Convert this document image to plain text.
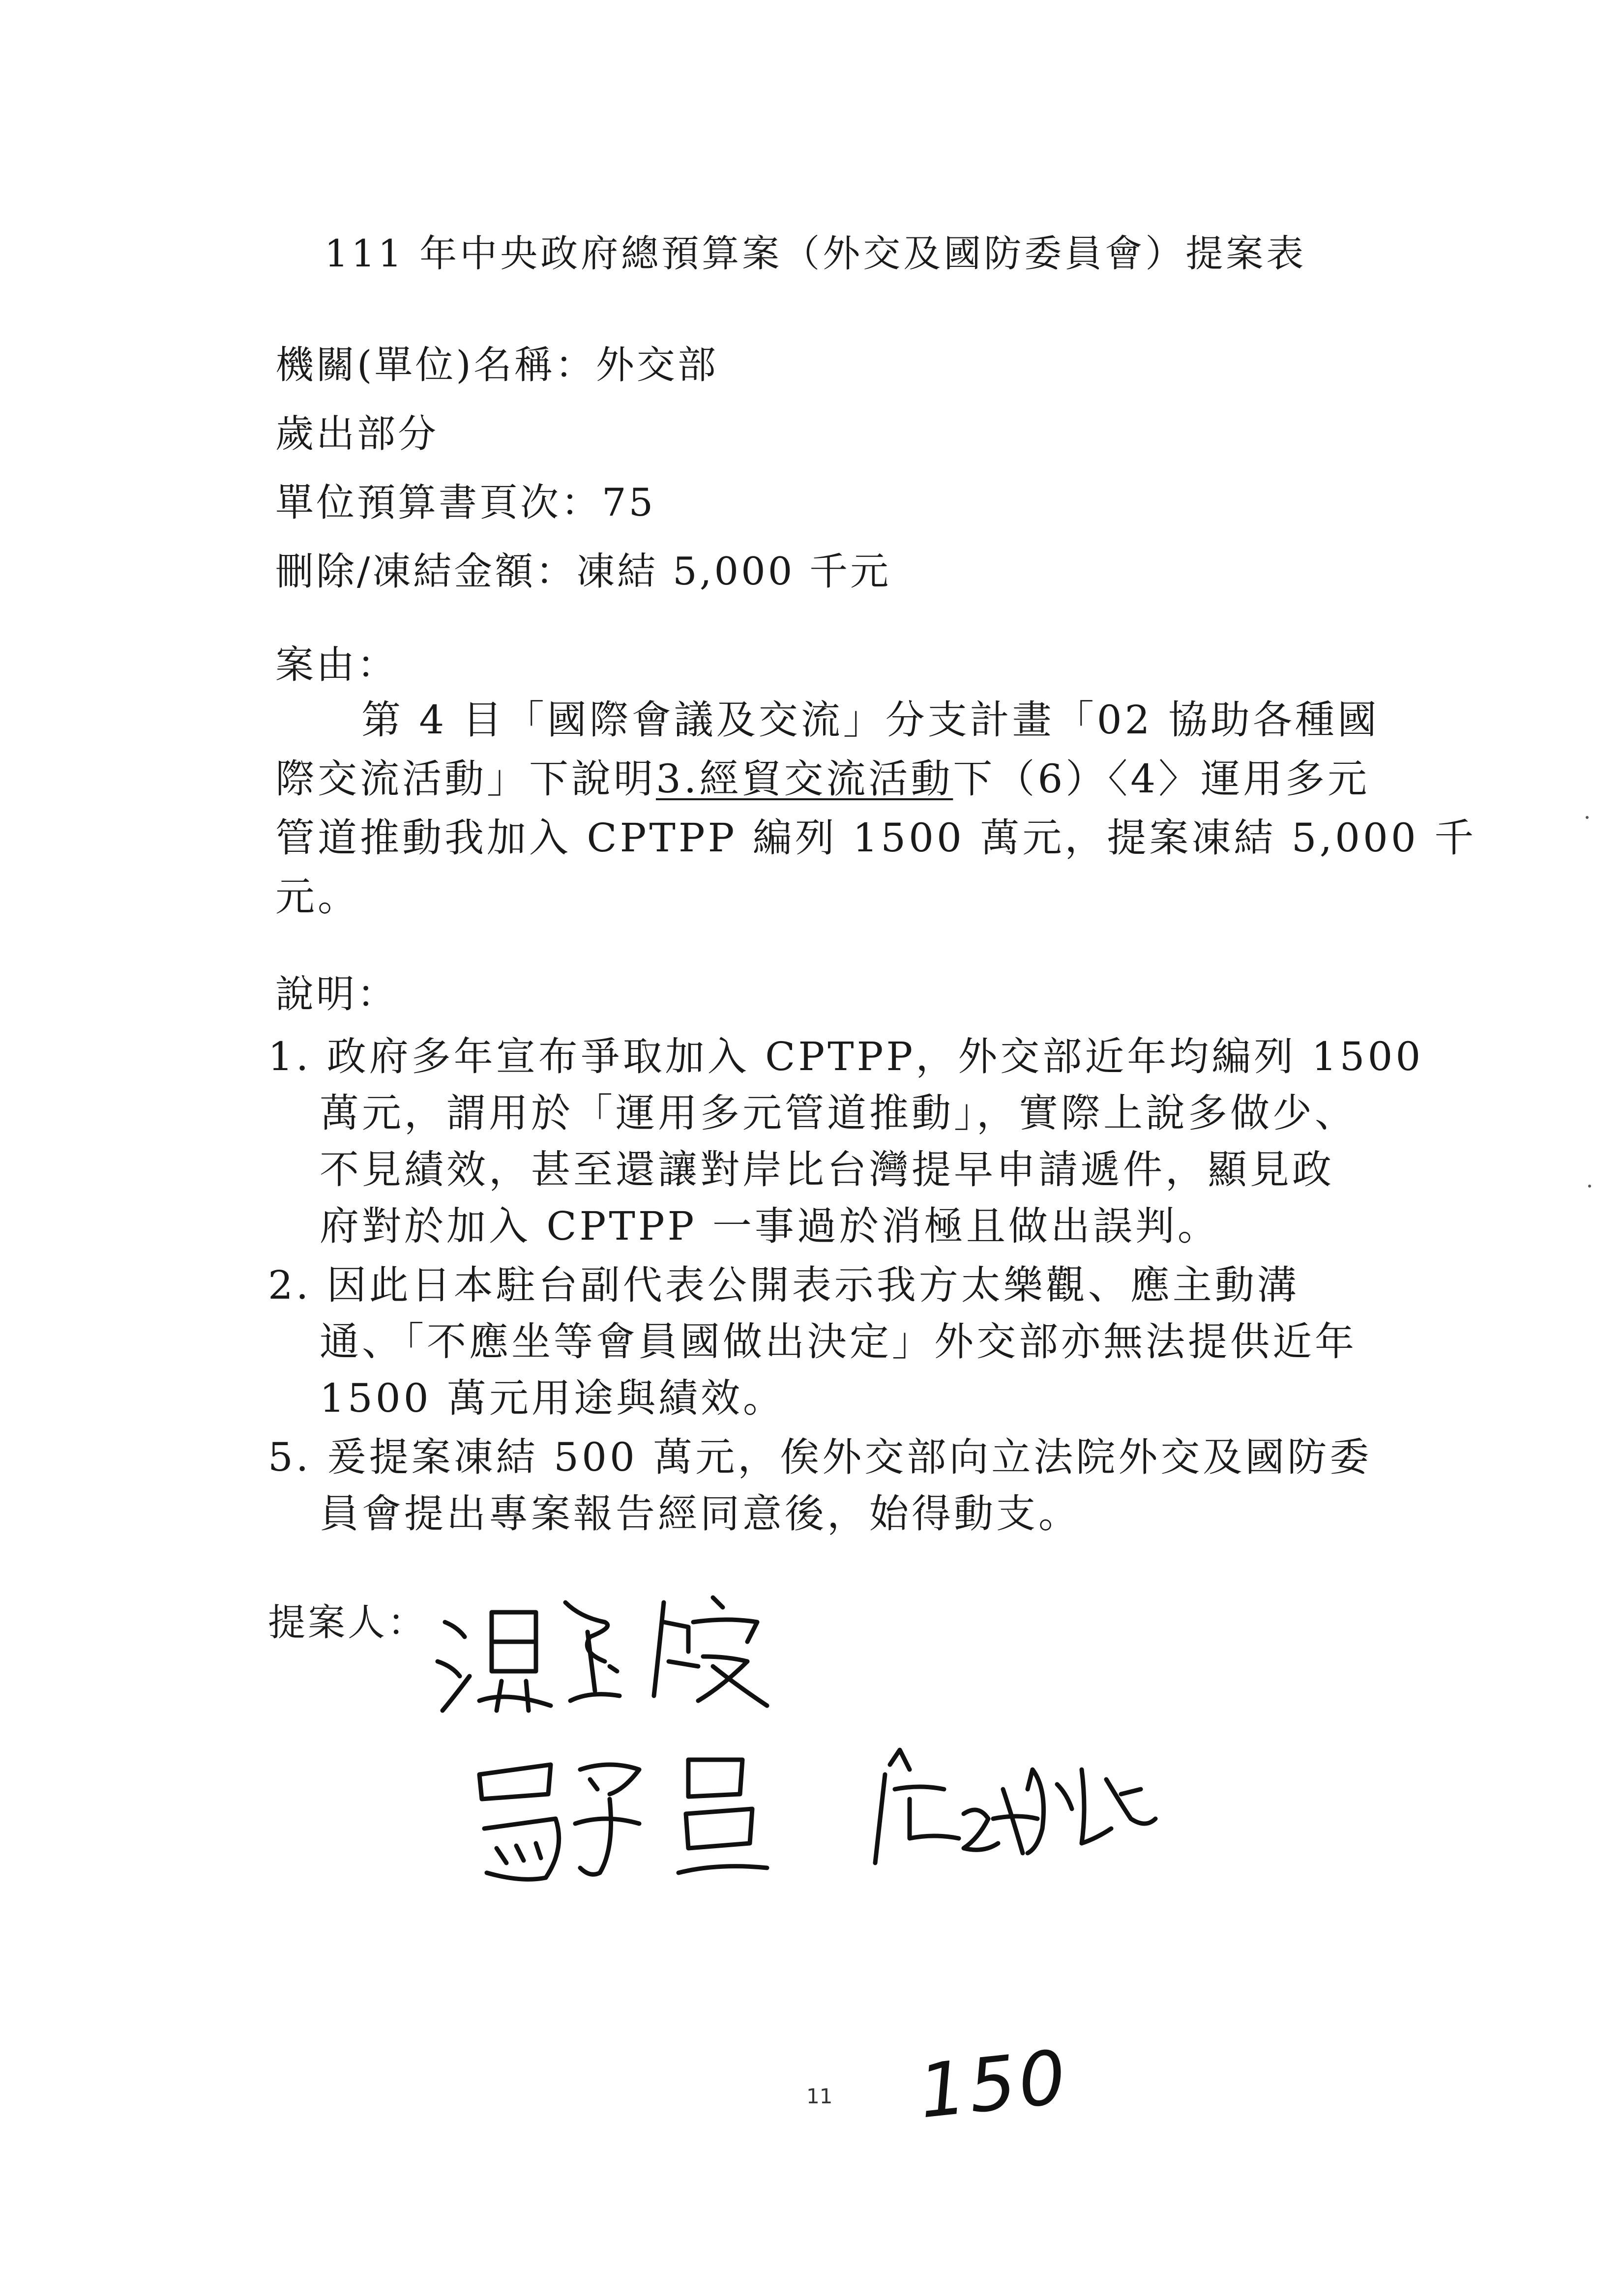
111 年中央政府總預算案（外交及國防委員會）提案表
機關(單位)名稱：外交部
歲出部分
單位預算書頁次：75
刪除/凍結金額：凍結 5,000 千元
案由：
第 4 目「國際會議及交流」分支計畫「02 協助各種國
際交流活動」下說明3.經貿交流活動下（6）〈4〉運用多元
管道推動我加入 CPTPP 編列 1500 萬元，提案凍結 5,000 千
元。
說明：
1. 政府多年宣布爭取加入 CPTPP，外交部近年均編列 1500
萬元，謂用於「運用多元管道推動」，實際上說多做少、
不見績效，甚至還讓對岸比台灣提早申請遞件，顯見政
府對於加入 CPTPP 一事過於消極且做出誤判。
2. 因此日本駐台副代表公開表示我方太樂觀、應主動溝
通、「不應坐等會員國做出決定」外交部亦無法提供近年
1500 萬元用途與績效。
5. 爰提案凍結 500 萬元，俟外交部向立法院外交及國防委
員會提出專案報告經同意後，始得動支。
提案人：
11 150
